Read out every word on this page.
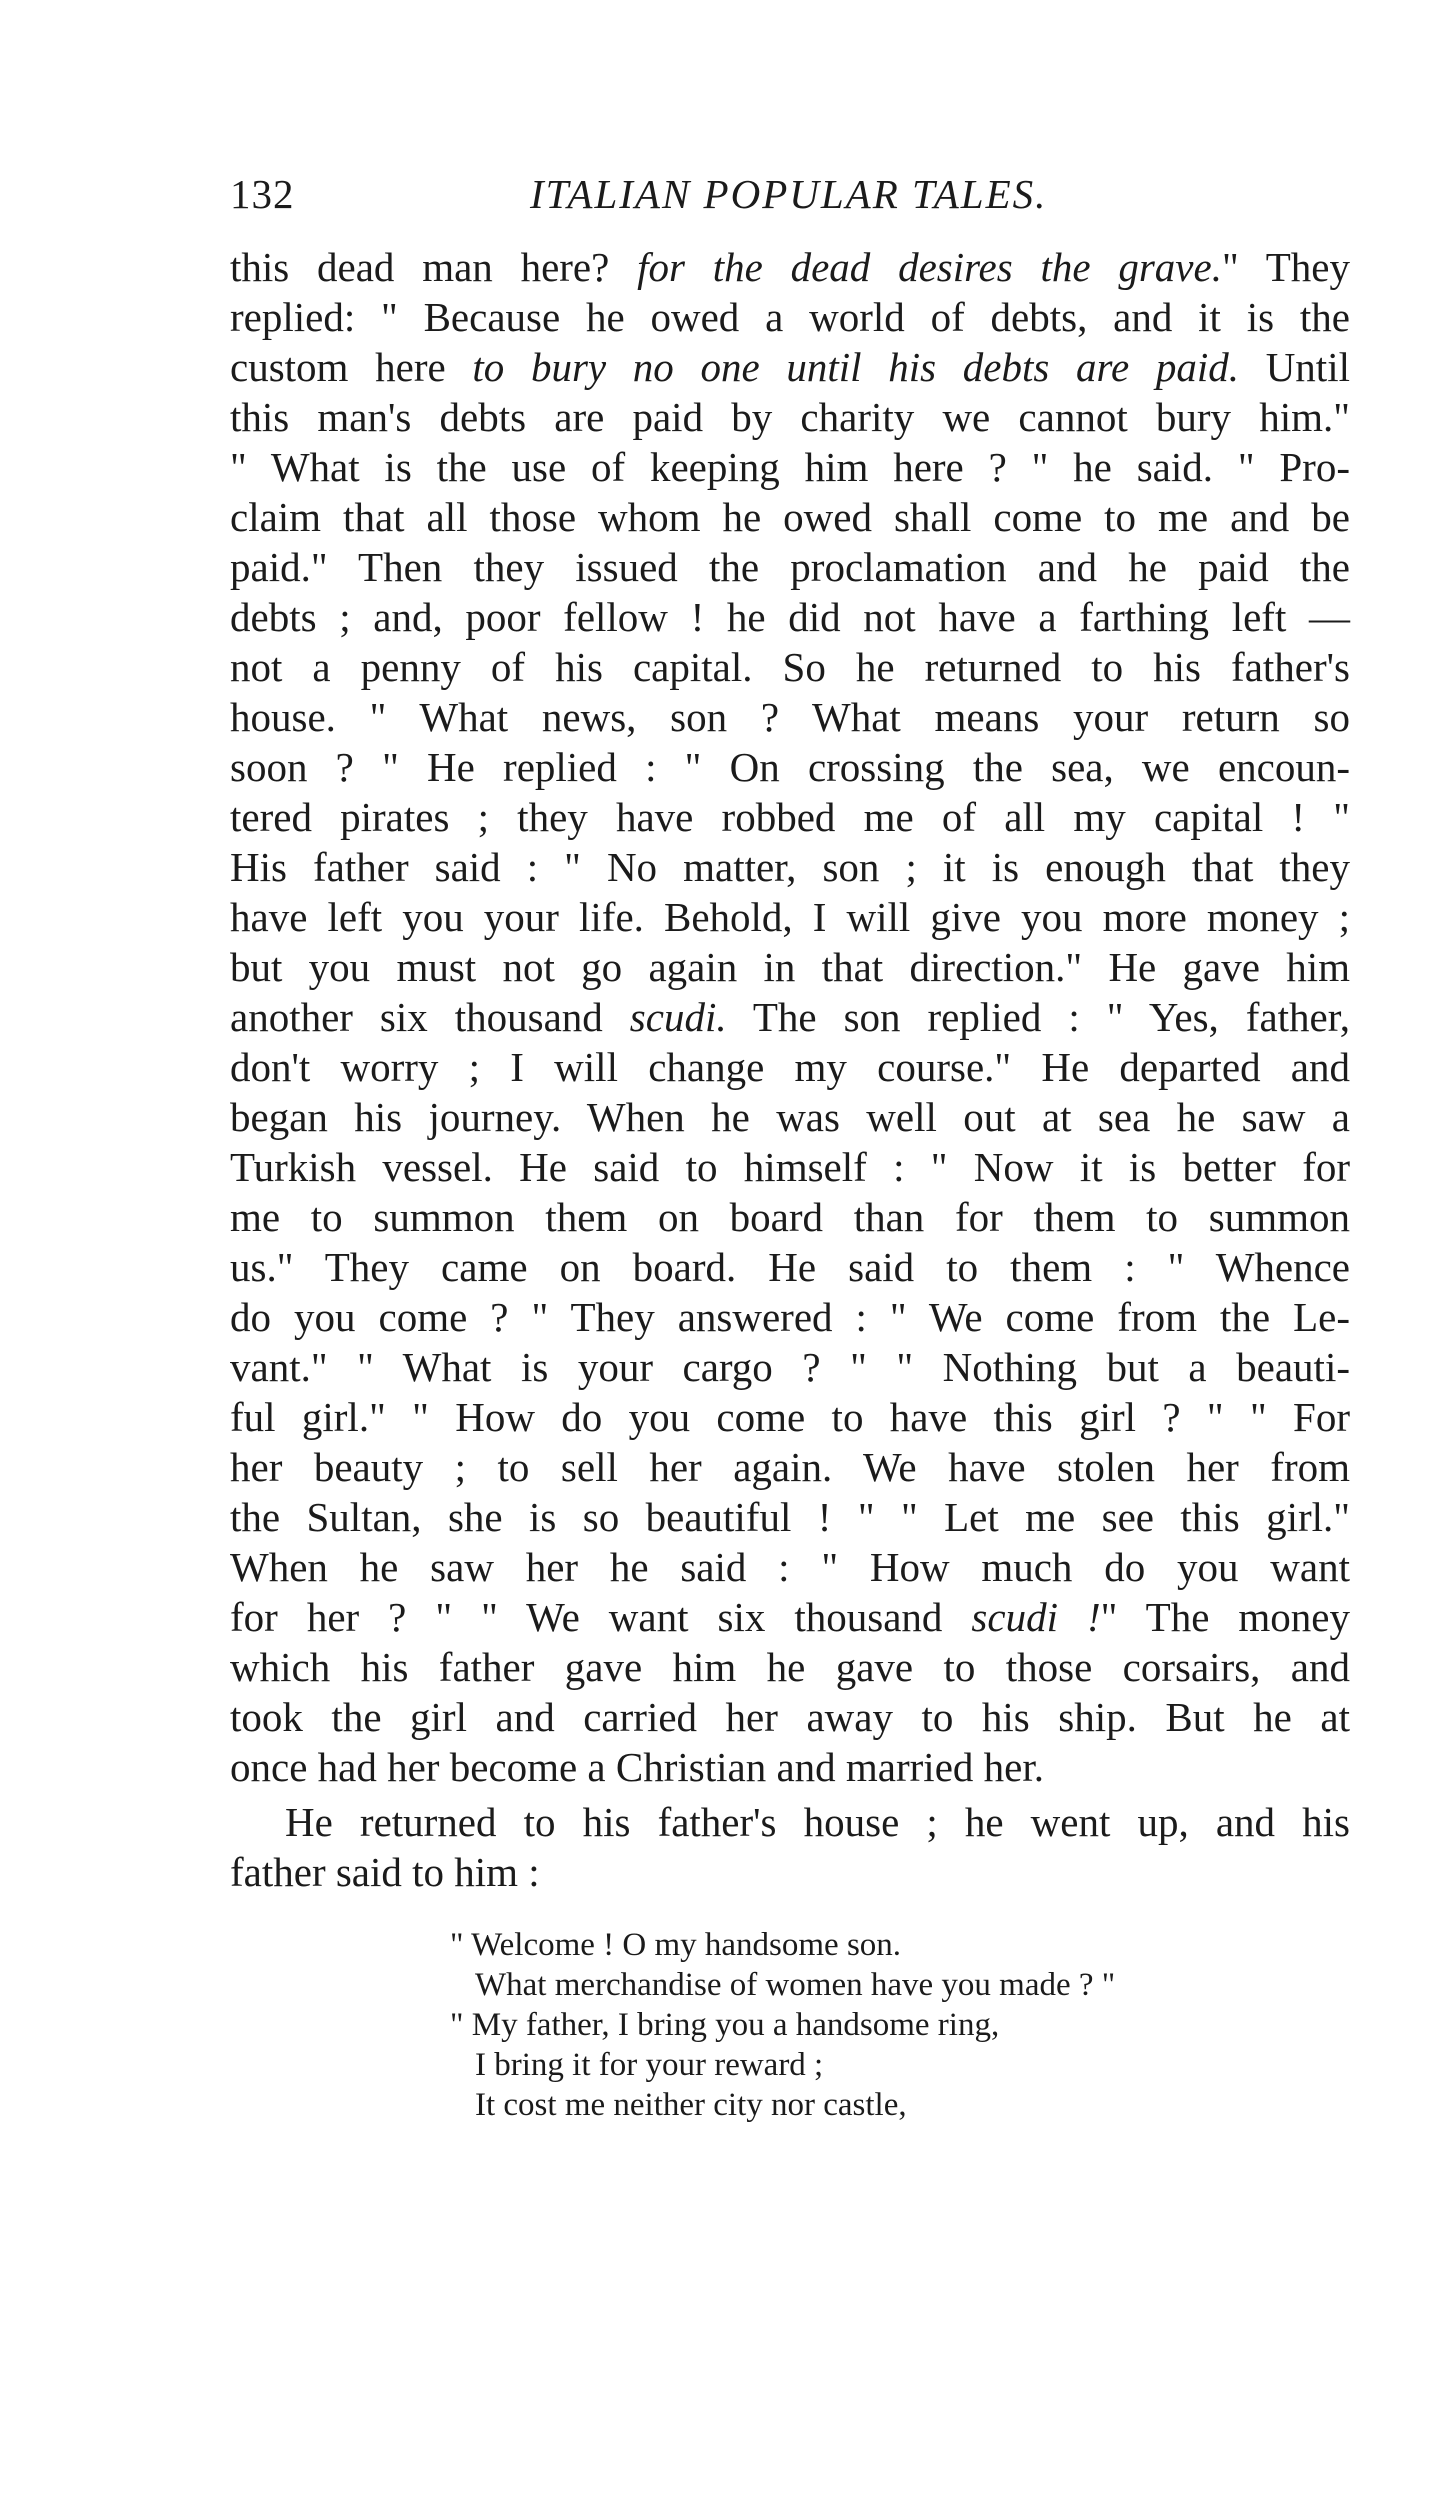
132	ITALIAN POPULAR TALES.
this dead man here? for the dead desires the grave." They
replied: " Because he owed a world of debts, and it is the
custom here to bury no one until his debts are paid. Until
this man's debts are paid by charity we cannot bury him."
" What is the use of keeping him here ? " he said. " Pro-
claim that all those whom he owed shall come to me and be
paid." Then they issued the proclamation and he paid the
debts ; and, poor fellow ! he did not have a farthing left —
not a penny of his capital. So he returned to his father's
house. " What news, son ? What means your return so
soon ? " He replied : " On crossing the sea, we encoun-
tered pirates ; they have robbed me of all my capital ! "
His father said : " No matter, son ; it is enough that they
have left you your life. Behold, I will give you more money ;
but you must not go again in that direction." He gave him
another six thousand scudi. The son replied : " Yes, father,
don't worry ; I will change my course." He departed and
began his journey. When he was well out at sea he saw a
Turkish vessel. He said to himself : " Now it is better for
me to summon them on board than for them to summon
us." They came on board. He said to them : " Whence
do you come ? " They answered : " We come from the Le-
vant." " What is your cargo ? " " Nothing but a beauti-
ful girl." " How do you come to have this girl ? " " For
her beauty ; to sell her again. We have stolen her from
the Sultan, she is so beautiful ! " " Let me see this girl."
When he saw her he said : " How much do you want
for her ? " " We want six thousand scudi !" The money
which his father gave him he gave to those corsairs, and
took the girl and carried her away to his ship. But he at
once had her become a Christian and married her.
He returned to his father's house ; he went up, and his
father said to him :
" Welcome ! O my handsome son.
What merchandise of women have you made ? "
" My father, I bring you a handsome ring,
I bring it for your reward ;
It cost me neither city nor castle,
